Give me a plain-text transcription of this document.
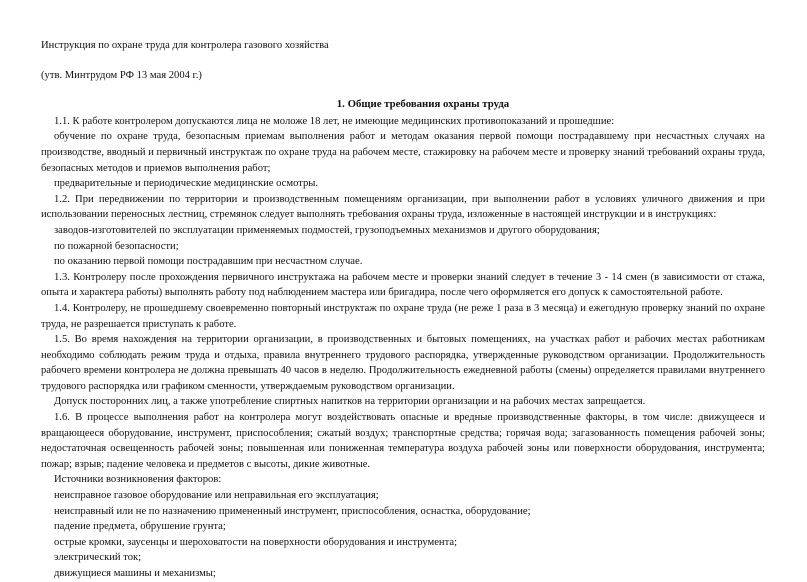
Инструкция по охране труда для контролера газового хозяйства

(утв. Минтрудом РФ 13 мая 2004 г.)

1. Общие требования охраны труда

1.1. К работе контролером допускаются лица не моложе 18 лет, не имеющие медицинских противопоказаний и прошедшие:

обучение по охране труда, безопасным приемам выполнения работ и методам оказания первой помощи пострадавшему при несчастных случаях на производстве, вводный и первичный инструктаж по охране труда на рабочем месте, стажировку на рабочем месте и проверку знаний требований охраны труда, безопасных методов и приемов выполнения работ;

предварительные и периодические медицинские осмотры.

1.2. При передвижении по территории и производственным помещениям организации, при выполнении работ в условиях уличного движения и при использовании переносных лестниц, стремянок следует выполнять требования охраны труда, изложенные в настоящей инструкции и в инструкциях:

заводов-изготовителей по эксплуатации применяемых подмостей, грузоподъемных механизмов и другого оборудования;

по пожарной безопасности;

по оказанию первой помощи пострадавшим при несчастном случае.

1.3. Контролеру после прохождения первичного инструктажа на рабочем месте и проверки знаний следует в течение 3 - 14 смен (в зависимости от стажа, опыта и характера работы) выполнять работу под наблюдением мастера или бригадира, после чего оформляется его допуск к самостоятельной работе.

1.4. Контролеру, не прошедшему своевременно повторный инструктаж по охране труда (не реже 1 раза в 3 месяца) и ежегодную проверку знаний по охране труда, не разрешается приступать к работе.

1.5. Во время нахождения на территории организации, в производственных и бытовых помещениях, на участках работ и рабочих местах работникам необходимо соблюдать режим труда и отдыха, правила внутреннего трудового распорядка, утвержденные руководством организации. Продолжительность рабочего времени контролера не должна превышать 40 часов в неделю. Продолжительность ежедневной работы (смены) определяется правилами внутреннего трудового распорядка или графиком сменности, утверждаемым руководством организации.

Допуск посторонних лиц, а также употребление спиртных напитков на территории организации и на рабочих местах запрещается.

1.6. В процессе выполнения работ на контролера могут воздействовать опасные и вредные производственные факторы, в том числе: движущееся и вращающееся оборудование, инструмент, приспособления; сжатый воздух; транспортные средства; горячая вода; загазованность помещения рабочей зоны; недостаточная освещенность рабочей зоны; повышенная или пониженная температура воздуха рабочей зоны или поверхности оборудования, инструмента; пожар; взрыв; падение человека и предметов с высоты, дикие животные.

Источники возникновения факторов:

неисправное газовое оборудование или неправильная его эксплуатация;

неисправный или не по назначению примененный инструмент, приспособления, оснастка, оборудование;

падение предмета, обрушение грунта;

острые кромки, заусенцы и шероховатости на поверхности оборудования и инструмента;

электрический ток;

движущиеся машины и механизмы;
